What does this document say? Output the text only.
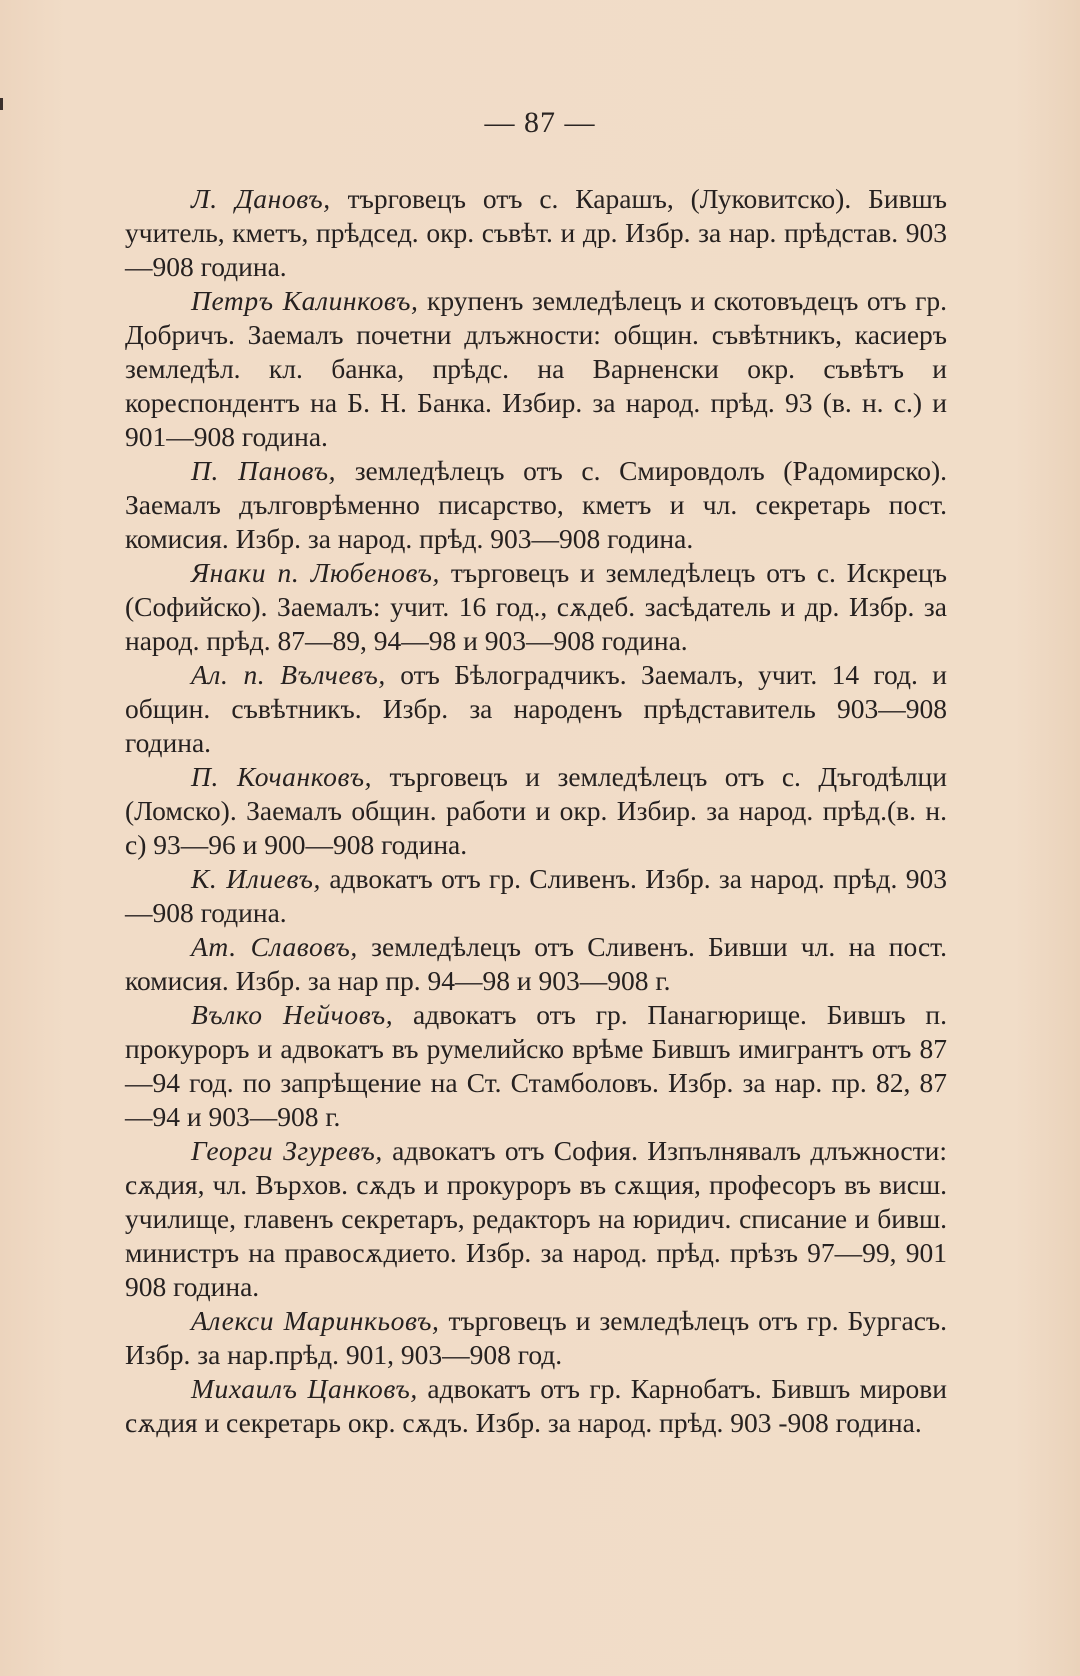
— 87 —

Л. Дановъ, търговецъ отъ с. Карашъ, (Луковитско). Бившъ учитель, кметъ, прѣдсед. окр. съвѣт. и др. Избр. за нар. прѣдстав. 903—908 година.

Петръ Калинковъ, крупенъ земледѣлецъ и скотовъдецъ отъ гр. Добричъ. Заемалъ почетни длъжности: общин. съвѣтникъ, касиеръ земледѣл. кл. банка, прѣдс. на Варненски окр. съвѣтъ и кореспондентъ на Б. Н. Банка. Избир. за народ. прѣд. 93 (в. н. с.) и 901—908 година.

П. Пановъ, земледѣлецъ отъ с. Смировдолъ (Радомирско). Заемалъ дълговрѣменно писарство, кметъ и чл. секретарь пост. комисия. Избр. за народ. прѣд. 903—908 година.

Янаки п. Любеновъ, търговецъ и земледѣлецъ отъ с. Искрецъ (Софийско). Заемалъ: учит. 16 год., сѫдеб. засѣдатель и др. Избр. за народ. прѣд. 87—89, 94—98 и 903—908 година.

Ал. п. Вълчевъ, отъ Бѣлоградчикъ. Заемалъ, учит. 14 год. и общин. съвѣтникъ. Избр. за народенъ прѣдставитель 903—908 година.

П. Кочанковъ, търговецъ и земледѣлецъ отъ с. Дъгодѣлци (Ломско). Заемалъ общин. работи и окр. Избир. за народ. прѣд.(в. н. с) 93—96 и 900—908 година.

К. Илиевъ, адвокатъ отъ гр. Сливенъ. Избр. за народ. прѣд. 903—908 година.

Ат. Славовъ, земледѣлецъ отъ Сливенъ. Бивши чл. на пост. комисия. Избр. за нар пр. 94—98 и 903—908 г.

Вълко Нейчовъ, адвокатъ отъ гр. Панагюрище. Бившъ п. прокуроръ и адвокатъ въ румелийско врѣме Бившъ имигрантъ отъ 87—94 год. по запрѣщение на Ст. Стамболовъ. Избр. за нар. пр. 82, 87—94 и 903—908 г.

Георги Згуревъ, адвокатъ отъ София. Изпълнявалъ длъжности: сѫдия, чл. Върхов. сѫдъ и прокуроръ въ сѫщия, професоръ въ висш. училище, главенъ секретаръ, редакторъ на юридич. списание и бивш. министръ на правосѫдието. Избр. за народ. прѣд. прѣзъ 97—99, 901 908 година.

Алекси Маринкьовъ, търговецъ и земледѣлецъ отъ гр. Бургасъ. Избр. за нар.прѣд. 901, 903—908 год.

Михаилъ Цанковъ, адвокатъ отъ гр. Карнобатъ. Бившъ мирови сѫдия и секретарь окр. сѫдъ. Избр. за народ. прѣд. 903 -908 година.
